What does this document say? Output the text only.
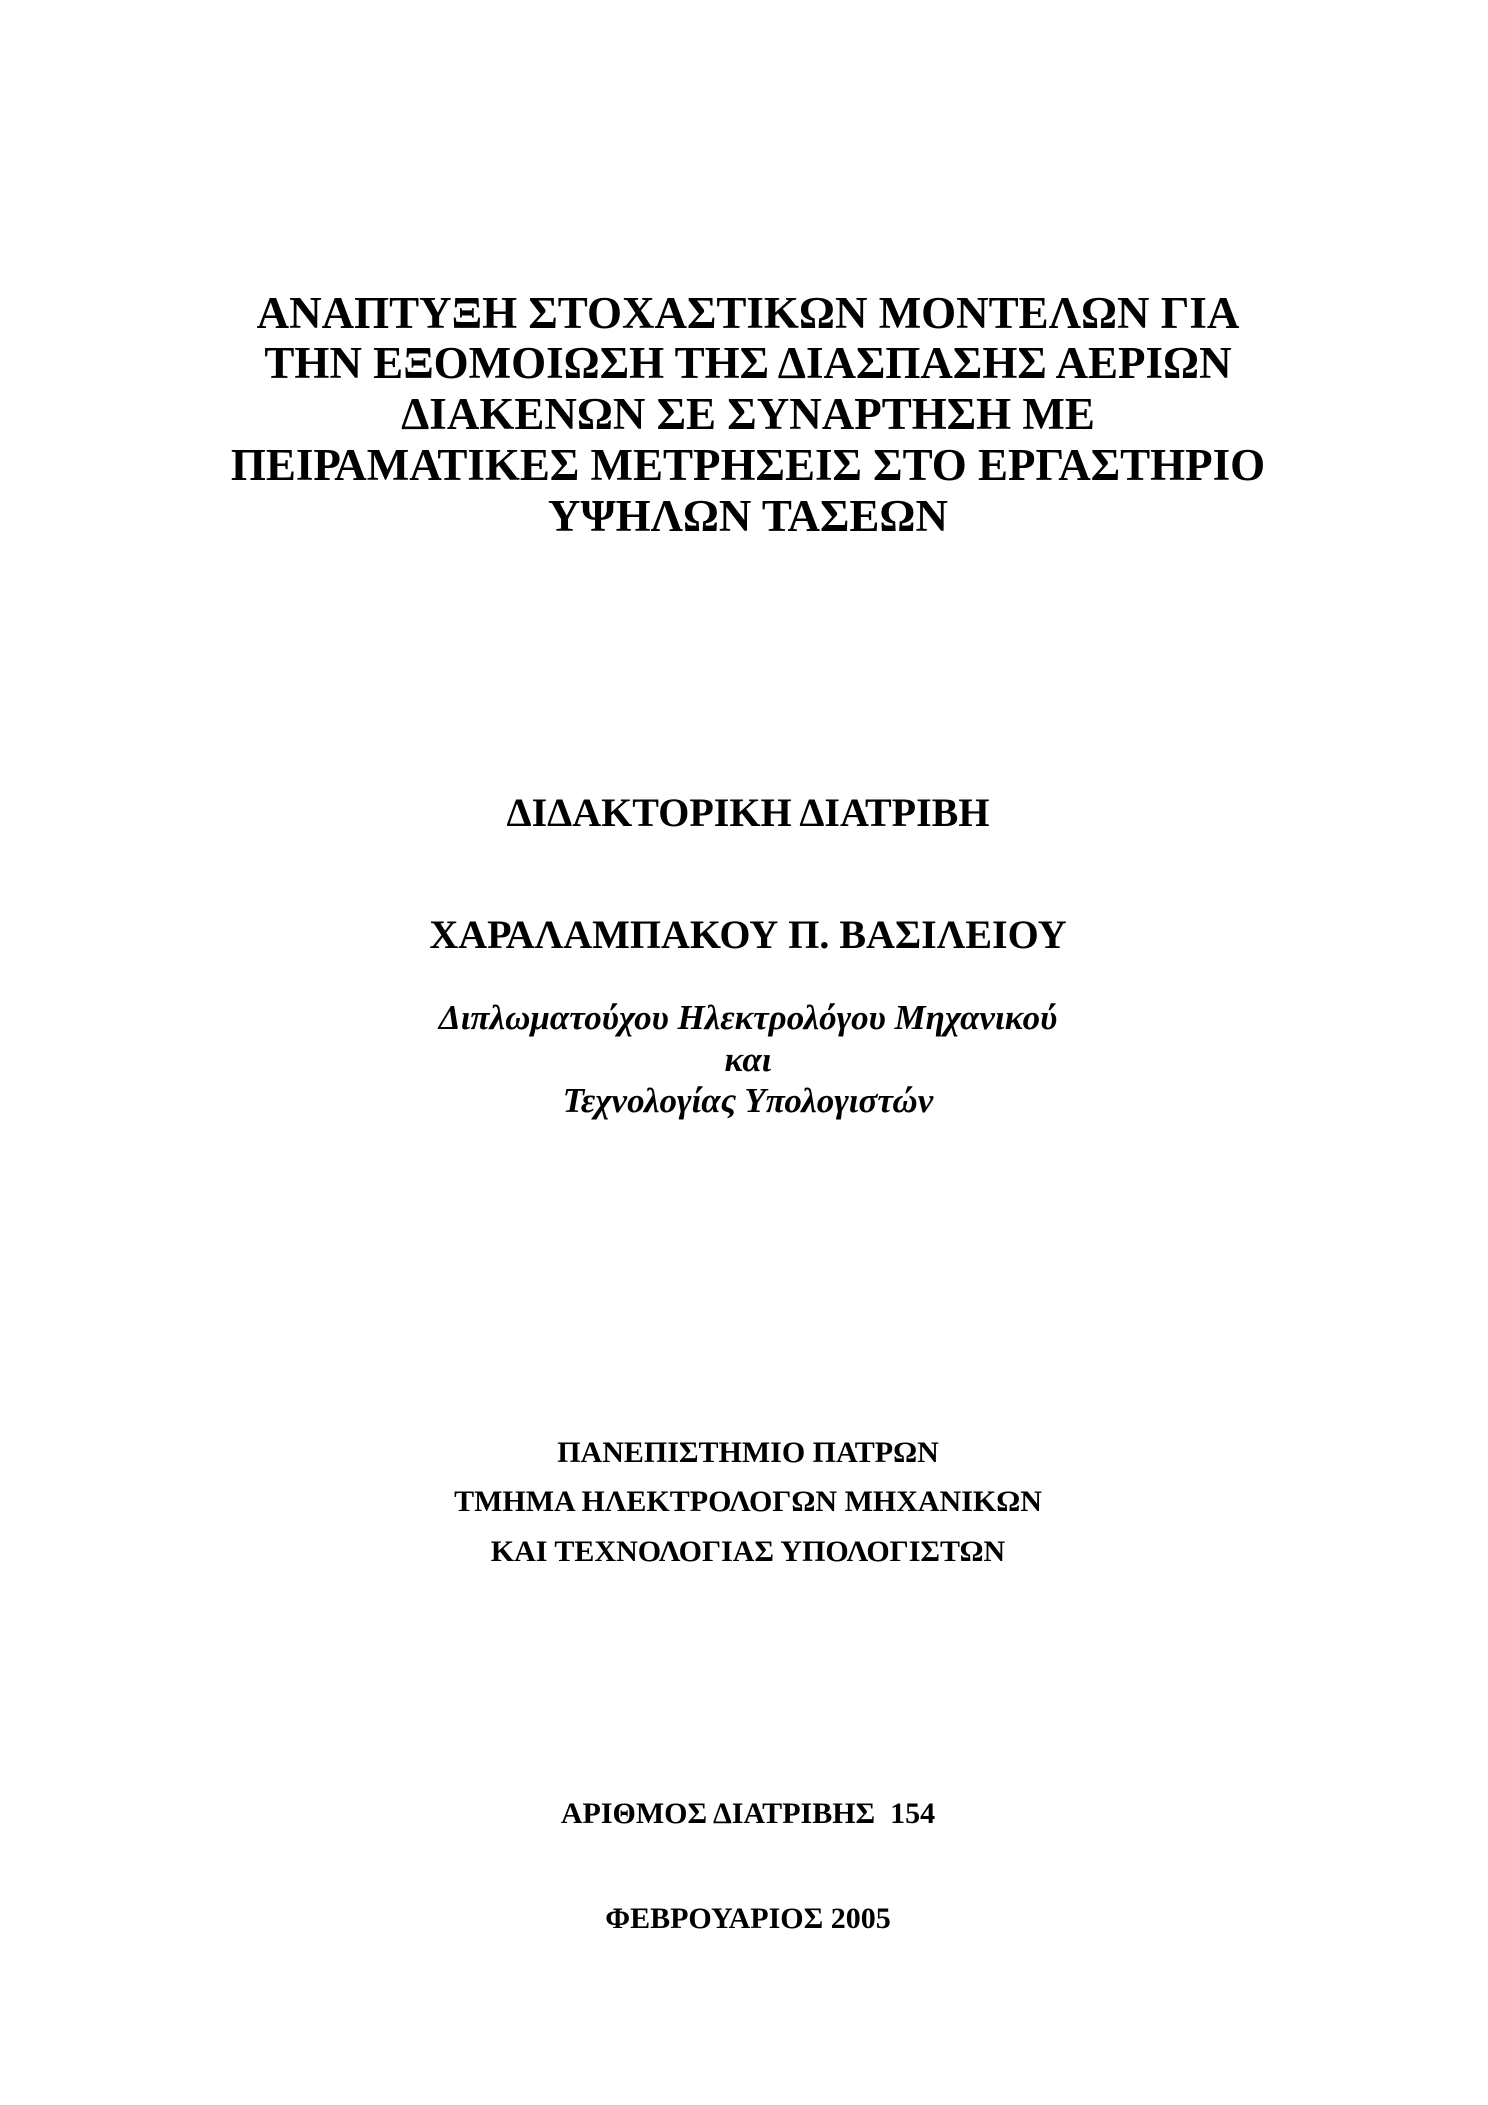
ΑΝΑΠΤΥΞΗ ΣΤΟΧΑΣΤΙΚΩΝ ΜΟΝΤΕΛΩΝ ΓΙΑ
ΤΗΝ ΕΞΟΜΟΙΩΣΗ ΤΗΣ ΔΙΑΣΠΑΣΗΣ ΑΕΡΙΩΝ
ΔΙΑΚΕΝΩΝ ΣΕ ΣΥΝΑΡΤΗΣΗ ΜΕ
ΠΕΙΡΑΜΑΤΙΚΕΣ ΜΕΤΡΗΣΕΙΣ ΣΤΟ ΕΡΓΑΣΤΗΡΙΟ
ΥΨΗΛΩΝ ΤΑΣΕΩΝ
ΔΙΔΑΚΤΟΡΙΚΗ ΔΙΑΤΡΙΒΗ
ΧΑΡΑΛΑΜΠΑΚΟΥ Π. ΒΑΣΙΛΕΙΟΥ
Διπλωματούχου Ηλεκτρολόγου Μηχανικού
και
Τεχνολογίας Υπολογιστών
ΠΑΝΕΠΙΣΤΗΜΙΟ ΠΑΤΡΩΝ
ΤΜΗΜΑ ΗΛΕΚΤΡΟΛΟΓΩΝ ΜΗΧΑΝΙΚΩΝ
ΚΑΙ ΤΕΧΝΟΛΟΓΙΑΣ ΥΠΟΛΟΓΙΣΤΩΝ
ΑΡΙΘΜΟΣ ΔΙΑΤΡΙΒΗΣ  154
ΦΕΒΡΟΥΑΡΙΟΣ 2005
